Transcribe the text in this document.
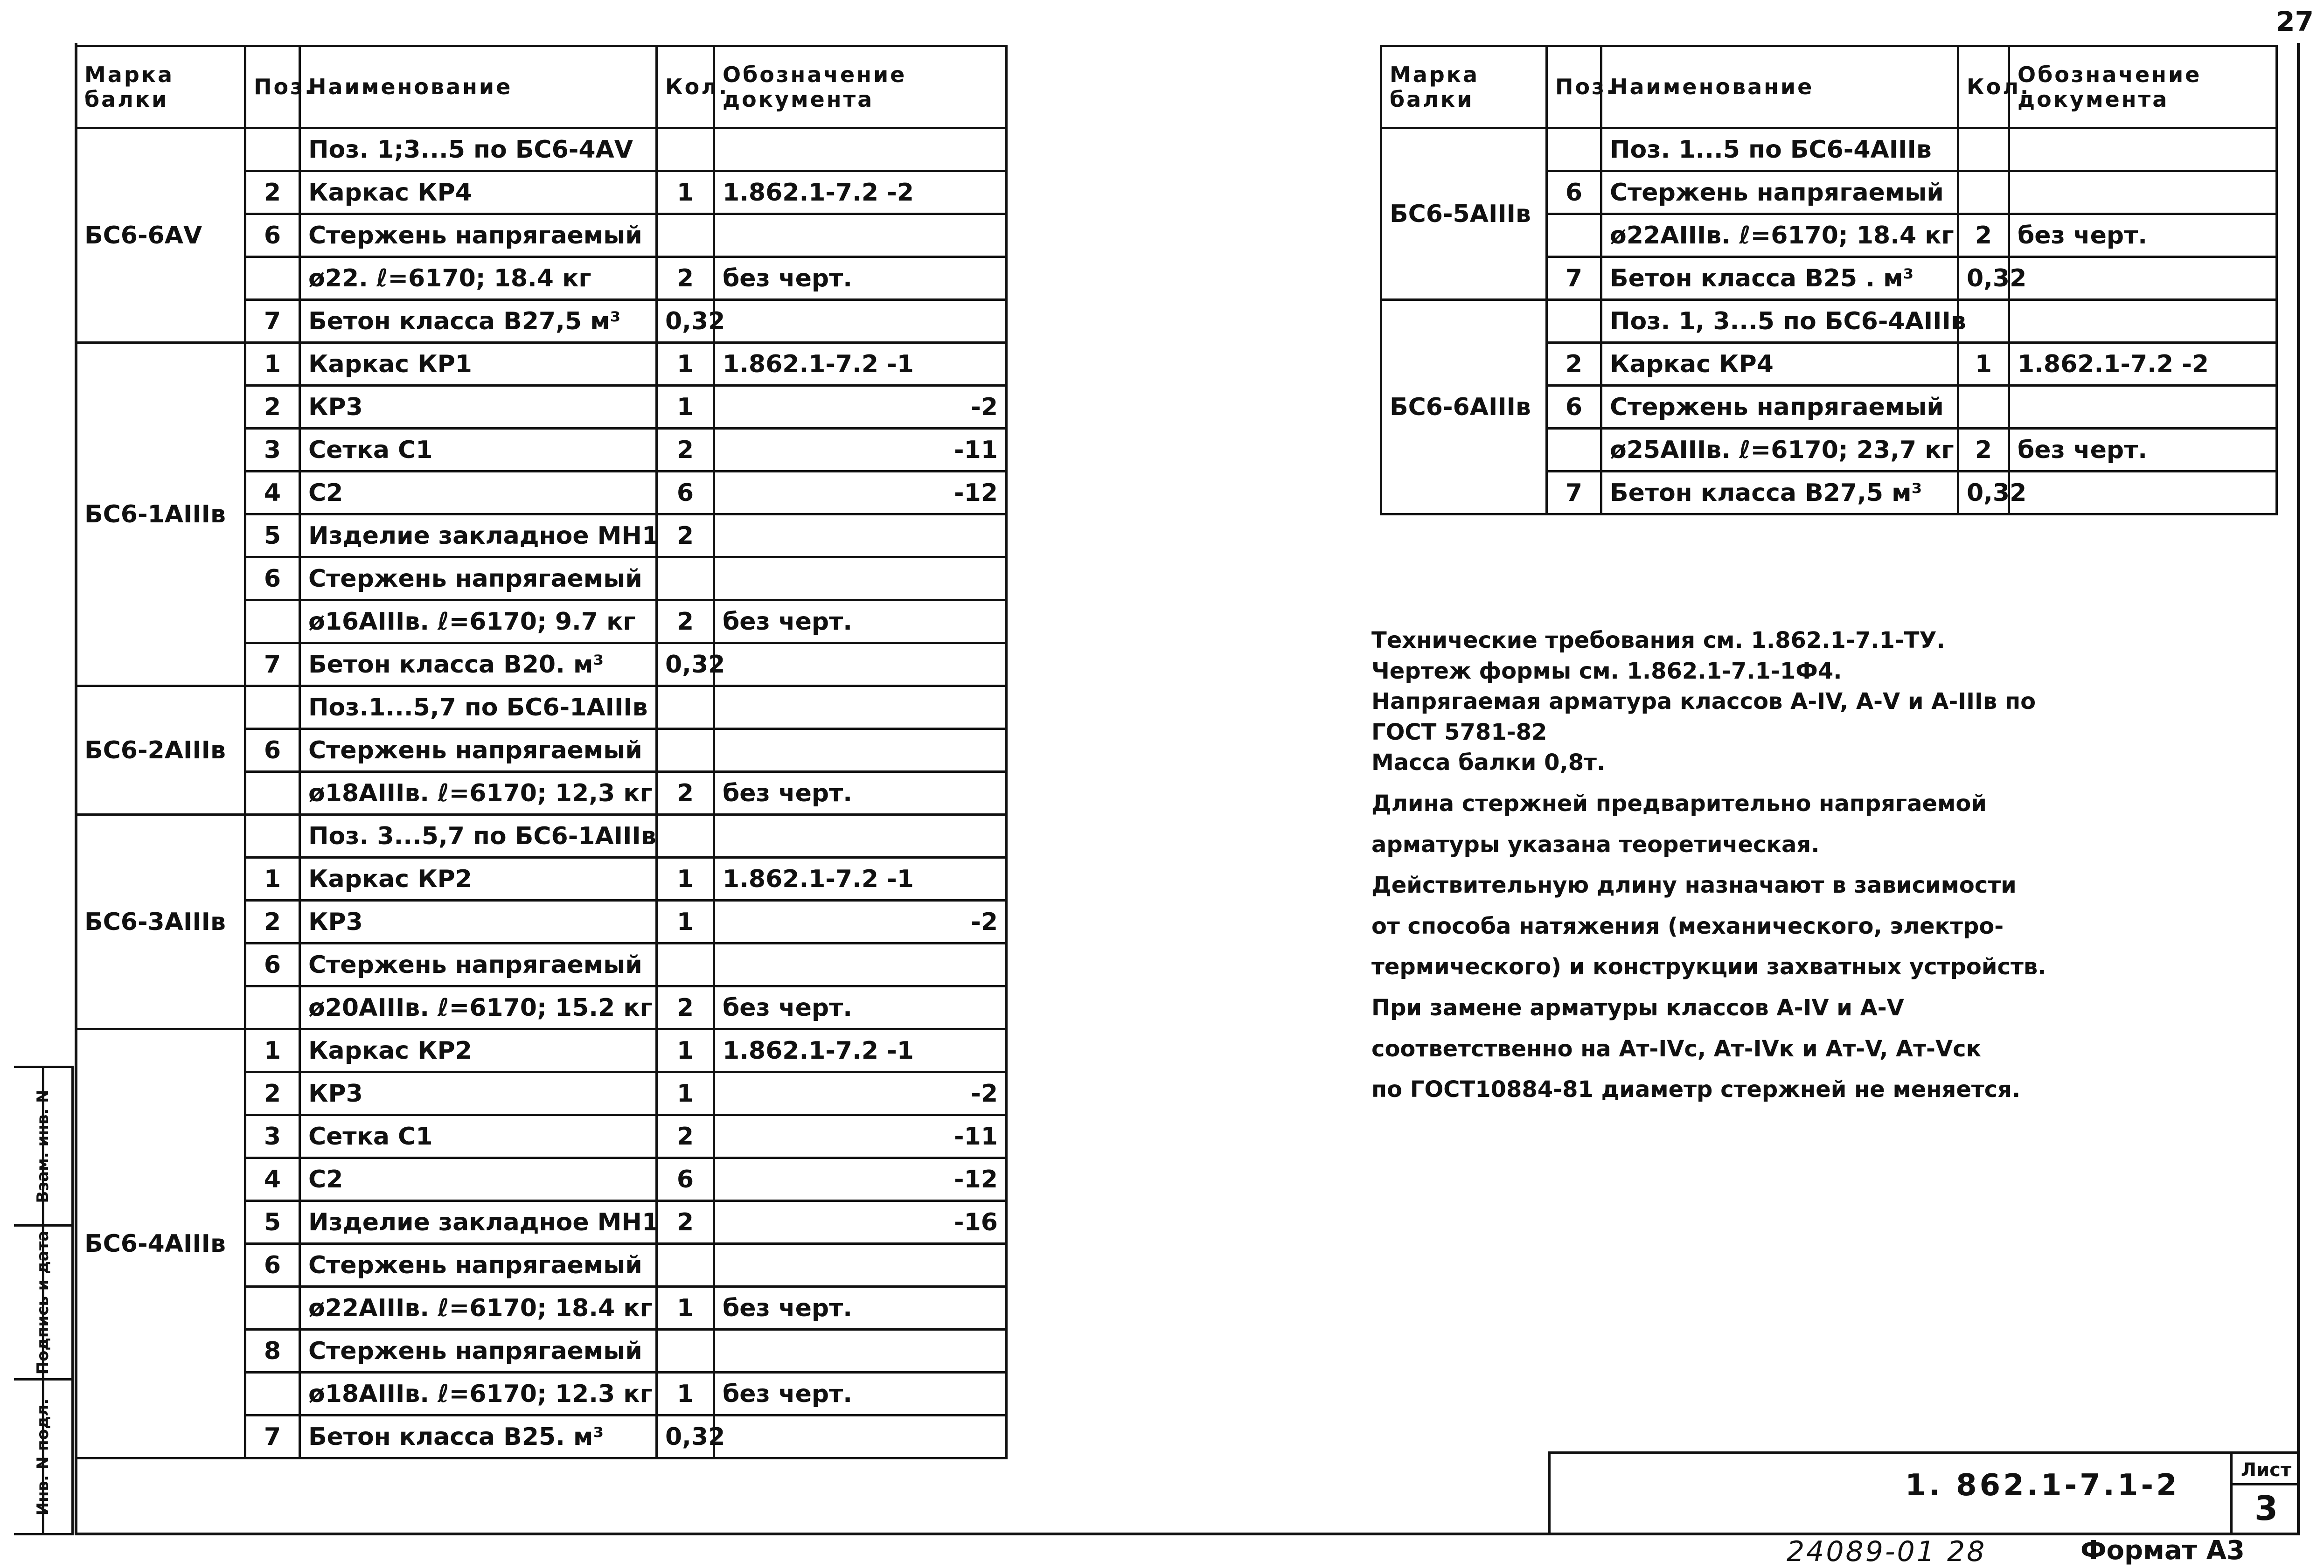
27
Марка балки	Поз.	Наименование	Кол.	Обозначение документа
БС6-6АV		Поз. 1;3...5 по БС6-4АV		
	2	Каркас КР4	1	1.862.1-7.2 -2
	6	Стержень напрягаемый		
		ø22. ℓ=6170; 18.4 кг	2	без черт.
	7	Бетон класса В27,5 м³	0,32	
БС6-1АIIIв	1	Каркас КР1	1	1.862.1-7.2 -1
	2	КР3	1	-2
	3	Сетка С1	2	-11
	4	С2	6	-12
	5	Изделие закладное МН1	2	
	6	Стержень напрягаемый		
		ø16АIIIв. ℓ=6170; 9.7 кг	2	без черт.
	7	Бетон класса В20. м³	0,32	
БС6-2АIIIв		Поз.1...5,7 по БС6-1АIIIв		
	6	Стержень напрягаемый		
		ø18АIIIв. ℓ=6170; 12,3 кг	2	без черт.
БС6-3АIIIв		Поз. 3...5,7 по БС6-1АIIIв		
	1	Каркас КР2	1	1.862.1-7.2 -1
	2	КР3	1	-2
	6	Стержень напрягаемый		
		ø20АIIIв. ℓ=6170; 15.2 кг	2	без черт.
БС6-4АIIIв	1	Каркас КР2	1	1.862.1-7.2 -1
	2	КР3	1	-2
	3	Сетка С1	2	-11
	4	С2	6	-12
	5	Изделие закладное МН1	2	-16
	6	Стержень напрягаемый		
		ø22АIIIв. ℓ=6170; 18.4 кг	1	без черт.
	8	Стержень напрягаемый		
		ø18АIIIв. ℓ=6170; 12.3 кг	1	без черт.
	7	Бетон класса В25. м³	0,32	
Марка балки	Поз.	Наименование	Кол.	Обозначение документа
БС6-5АIIIв		Поз. 1...5 по БС6-4АIIIв		
	6	Стержень напрягаемый		
		ø22АIIIв. ℓ=6170; 18.4 кг	2	без черт.
	7	Бетон класса В25 . м³	0,32	
БС6-6АIIIв		Поз. 1, 3...5 по БС6-4АIIIв		
	2	Каркас КР4	1	1.862.1-7.2 -2
	6	Стержень напрягаемый		
		ø25АIIIв. ℓ=6170; 23,7 кг	2	без черт.
	7	Бетон класса В27,5 м³	0,32	
Технические требования см. 1.862.1-7.1-ТУ.
Чертеж формы см. 1.862.1-7.1-1Ф4.
Напрягаемая арматура классов А-IV, А-V и А-IIIв по
ГОСТ 5781-82
Масса балки 0,8т.
Длина стержней предварительно напрягаемой
арматуры указана теоретическая.
Действительную длину назначают в зависимости
от способа натяжения (механического, электро-
термического) и конструкции захватных устройств.
При замене арматуры классов А-IV и А-V
соответственно на Ат-IVс, Ат-IVк и Ат-V, Ат-Vск
по ГОСТ10884-81 диаметр стержней не меняется.
1. 862.1-7.1-2	Лист
3
24089-01 28	Формат А3
Взам. инв. N
Подпись и дата
Инв. N подл.
